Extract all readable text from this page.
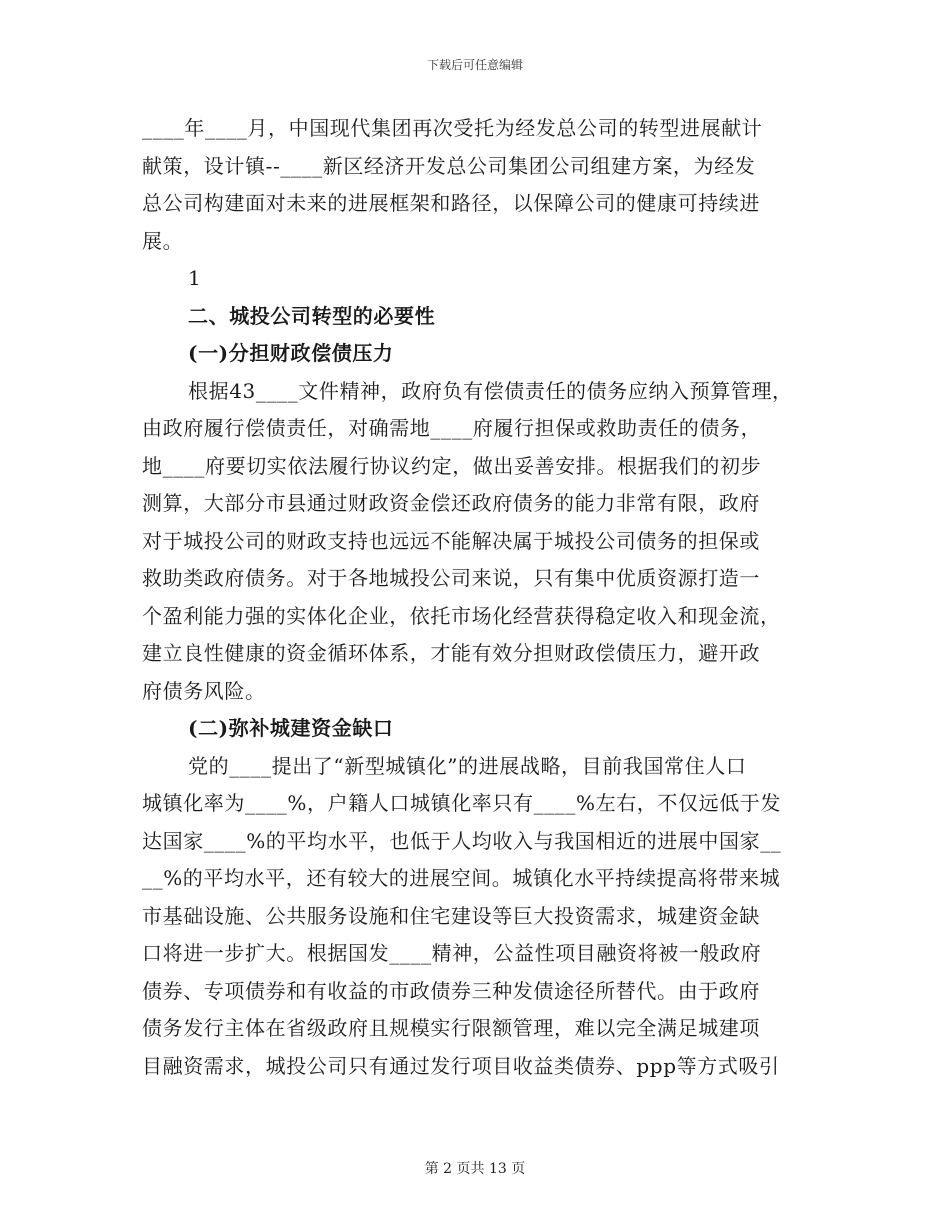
下载后可任意编辑
____年____月，中国现代集团再次受托为经发总公司的转型进展献计
献策，设计镇--____新区经济开发总公司集团公司组建方案，为经发
总公司构建面对未来的进展框架和路径，以保障公司的健康可持续进
展。
1
二、城投公司转型的必要性
(一)分担财政偿债压力
根据43____文件精神，政府负有偿债责任的债务应纳入预算管理，
由政府履行偿债责任，对确需地____府履行担保或救助责任的债务，
地____府要切实依法履行协议约定，做出妥善安排。根据我们的初步
测算，大部分市县通过财政资金偿还政府债务的能力非常有限，政府
对于城投公司的财政支持也远远不能解决属于城投公司债务的担保或
救助类政府债务。对于各地城投公司来说，只有集中优质资源打造一
个盈利能力强的实体化企业，依托市场化经营获得稳定收入和现金流，
建立良性健康的资金循环体系，才能有效分担财政偿债压力，避开政
府债务风险。
(二)弥补城建资金缺口
党的____提出了“新型城镇化”的进展战略，目前我国常住人口
城镇化率为____%，户籍人口城镇化率只有____%左右，不仅远低于发
达国家____%的平均水平，也低于人均收入与我国相近的进展中国家__
__%的平均水平，还有较大的进展空间。城镇化水平持续提高将带来城
市基础设施、公共服务设施和住宅建设等巨大投资需求，城建资金缺
口将进一步扩大。根据国发____精神，公益性项目融资将被一般政府
债券、专项债券和有收益的市政债券三种发债途径所替代。由于政府
债务发行主体在省级政府且规模实行限额管理，难以完全满足城建项
目融资需求，城投公司只有通过发行项目收益类债券、ppp等方式吸引
第 2 页共 13 页
